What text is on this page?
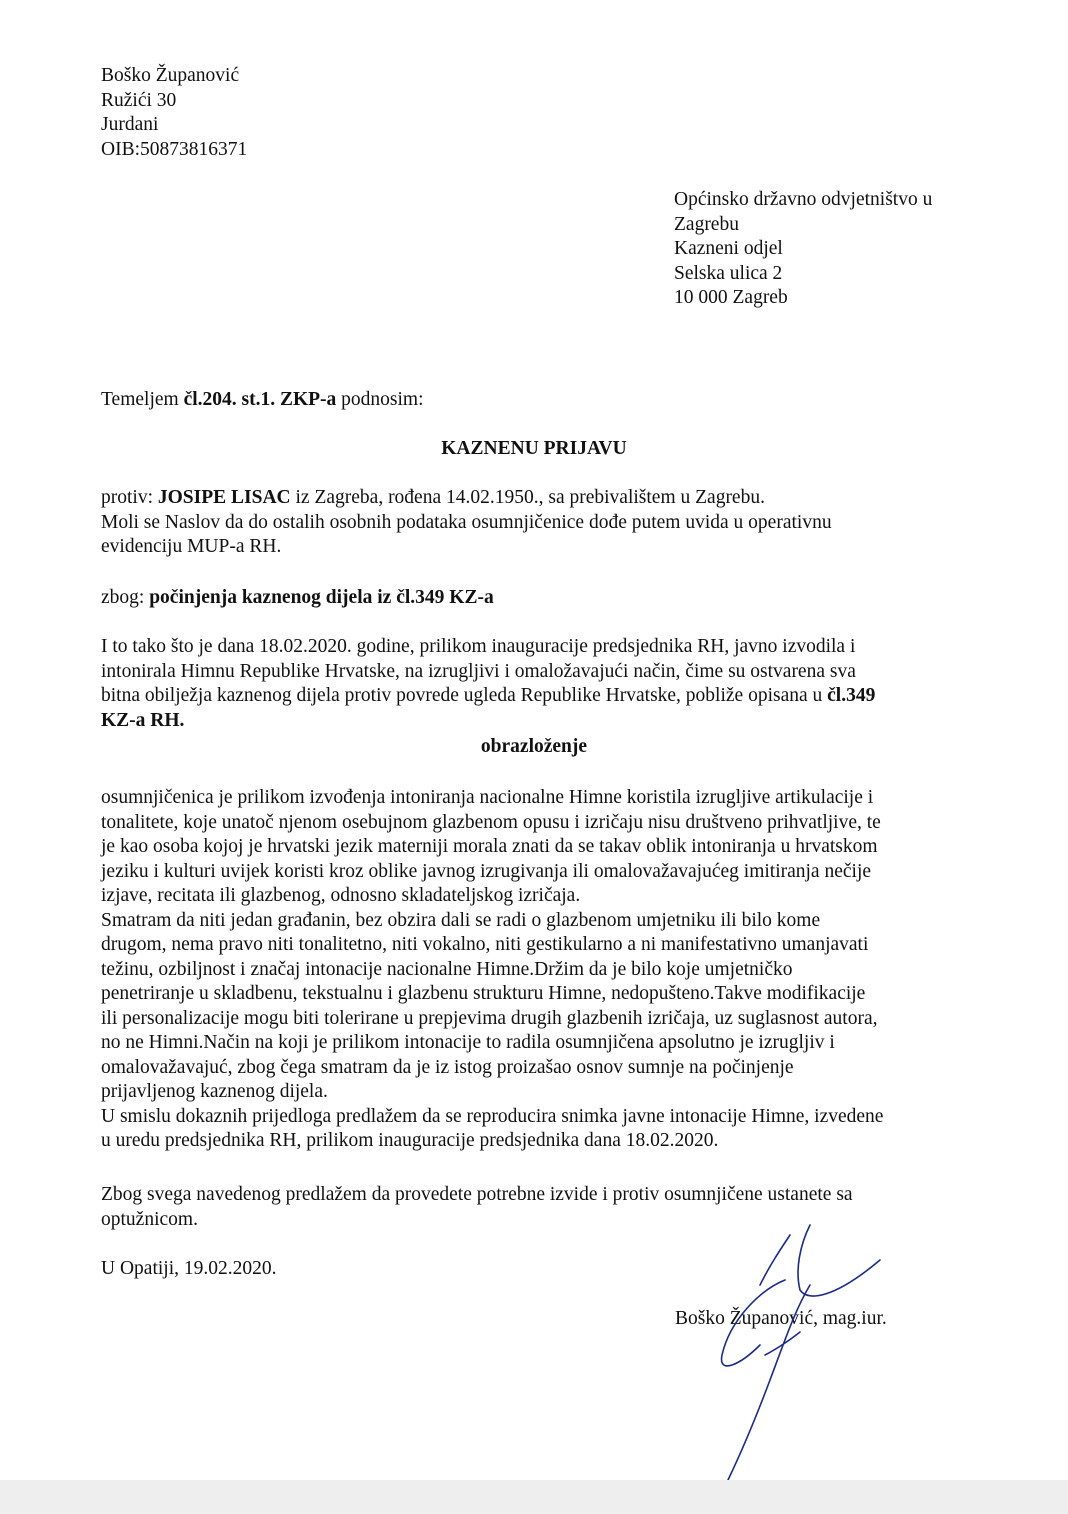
Boško Županović
Ružići 30
Jurdani
OIB:50873816371
Općinsko državno odvjetništvo u
Zagrebu
Kazneni odjel
Selska ulica 2
10 000 Zagreb
Temeljem čl.204. st.1. ZKP-a podnosim:
KAZNENU PRIJAVU
protiv: JOSIPE LISAC iz Zagreba, rođena 14.02.1950., sa prebivalištem u Zagrebu.
Moli se Naslov da do ostalih osobnih podataka osumnjičenice dođe putem uvida u operativnu
evidenciju MUP-a RH.
zbog: počinjenja kaznenog dijela iz čl.349 KZ-a
I to tako što je dana 18.02.2020. godine, prilikom inauguracije predsjednika RH, javno izvodila i
intonirala Himnu Republike Hrvatske, na izrugljivi i omaložavajući način, čime su ostvarena sva
bitna obilježja kaznenog dijela protiv povrede ugleda Republike Hrvatske, pobliže opisana u čl.349
KZ-a RH.
obrazloženje
osumnjičenica je prilikom izvođenja intoniranja nacionalne Himne koristila izrugljive artikulacije i
tonalitete, koje unatoč njenom osebujnom glazbenom opusu i izričaju nisu društveno prihvatljive, te
je kao osoba kojoj je hrvatski jezik materniji morala znati da se takav oblik intoniranja u hrvatskom
jeziku i kulturi uvijek koristi kroz oblike javnog izrugivanja ili omalovažavajućeg imitiranja nečije
izjave, recitata ili glazbenog, odnosno skladateljskog izričaja.
Smatram da niti jedan građanin, bez obzira dali se radi o glazbenom umjetniku ili bilo kome
drugom, nema pravo niti tonalitetno, niti vokalno, niti gestikularno a ni manifestativno umanjavati
težinu, ozbiljnost i značaj intonacije nacionalne Himne.Držim da je bilo koje umjetničko
penetriranje u skladbenu, tekstualnu i glazbenu strukturu Himne, nedopušteno.Takve modifikacije
ili personalizacije mogu biti tolerirane u prepjevima drugih glazbenih izričaja, uz suglasnost autora,
no ne Himni.Način na koji je prilikom intonacije to radila osumnjičena apsolutno je izrugljiv i
omalovažavajuć, zbog čega smatram da je iz istog proizašao osnov sumnje na počinjenje
prijavljenog kaznenog dijela.
U smislu dokaznih prijedloga predlažem da se reproducira snimka javne intonacije Himne, izvedene
u uredu predsjednika RH, prilikom inauguracije predsjednika dana 18.02.2020.
Zbog svega navedenog predlažem da provedete potrebne izvide i protiv osumnjičene ustanete sa
optužnicom.
U Opatiji, 19.02.2020.
Boško Županović, mag.iur.
